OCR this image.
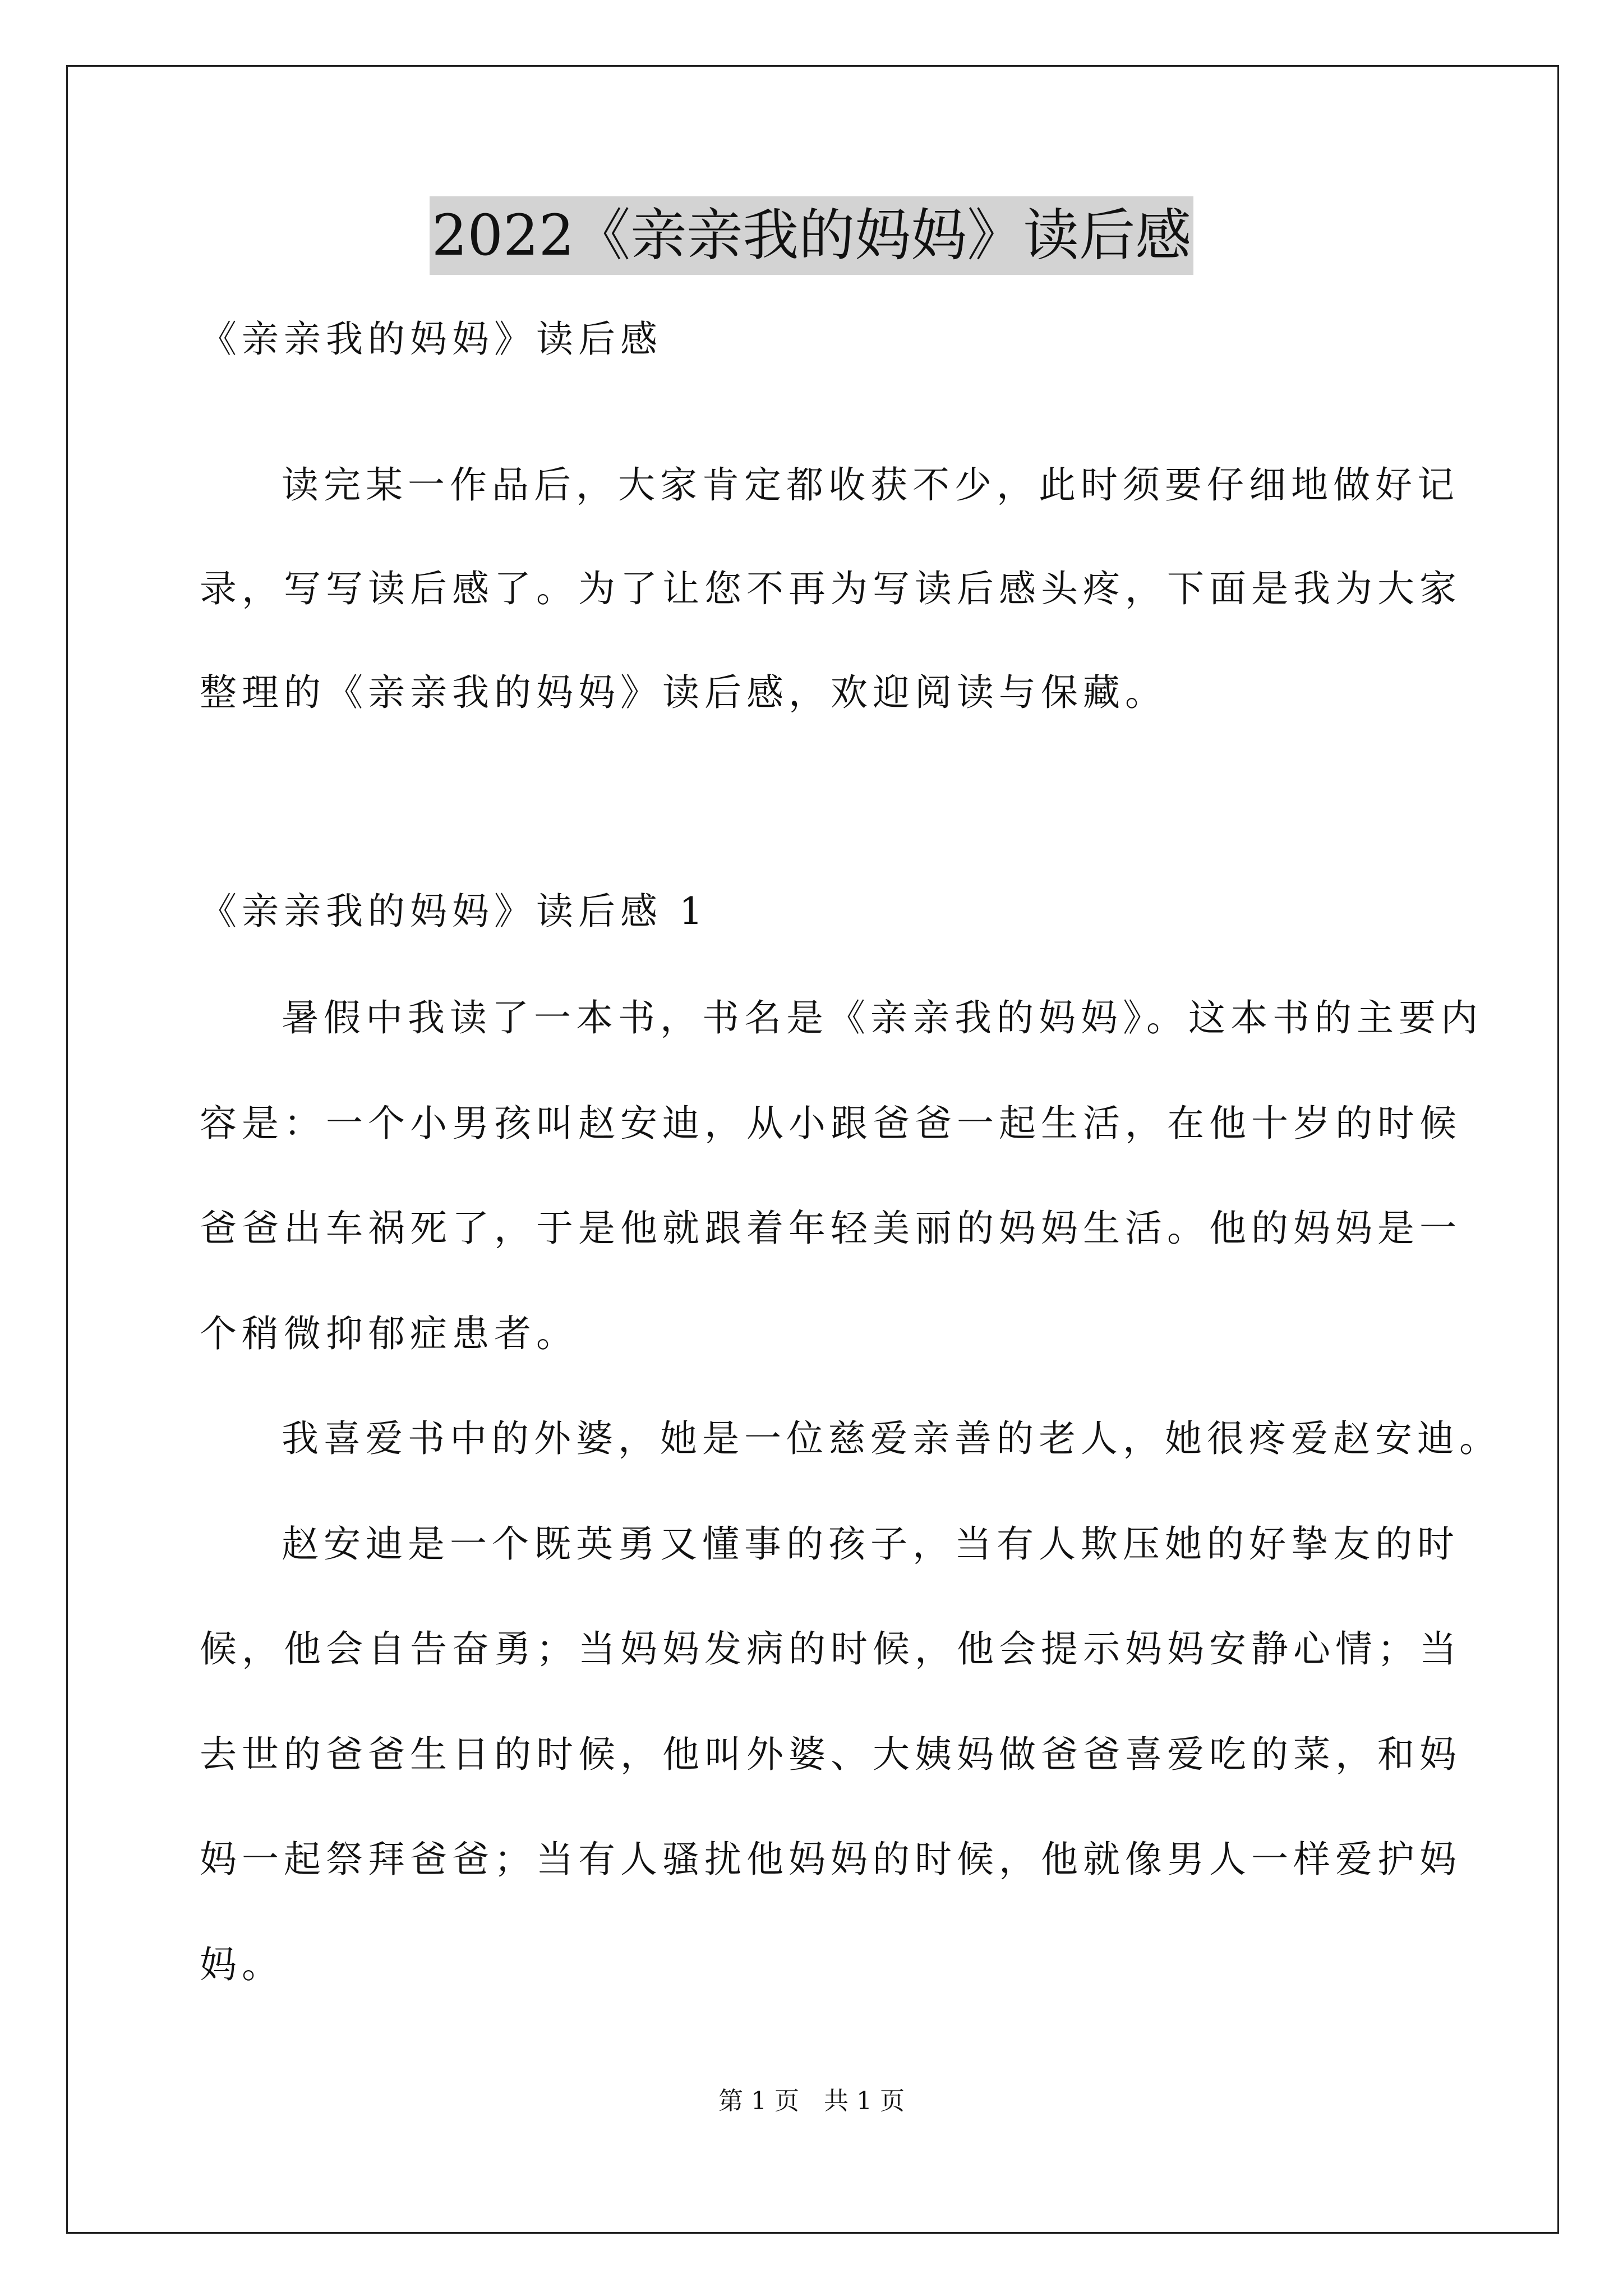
2022《亲亲我的妈妈》读后感
《亲亲我的妈妈》读后感
读完某一作品后，大家肯定都收获不少，此时须要仔细地做好记
录，写写读后感了。为了让您不再为写读后感头疼，下面是我为大家
整理的《亲亲我的妈妈》读后感，欢迎阅读与保藏。
《亲亲我的妈妈》读后感 1
暑假中我读了一本书，书名是《亲亲我的妈妈》。这本书的主要内
容是：一个小男孩叫赵安迪，从小跟爸爸一起生活，在他十岁的时候
爸爸出车祸死了，于是他就跟着年轻美丽的妈妈生活。他的妈妈是一
个稍微抑郁症患者。
我喜爱书中的外婆，她是一位慈爱亲善的老人，她很疼爱赵安迪。
赵安迪是一个既英勇又懂事的孩子，当有人欺压她的好挚友的时
候，他会自告奋勇；当妈妈发病的时候，他会提示妈妈安静心情；当
去世的爸爸生日的时候，他叫外婆、大姨妈做爸爸喜爱吃的菜，和妈
妈一起祭拜爸爸；当有人骚扰他妈妈的时候，他就像男人一样爱护妈
妈。
第 1 页　共 1 页
